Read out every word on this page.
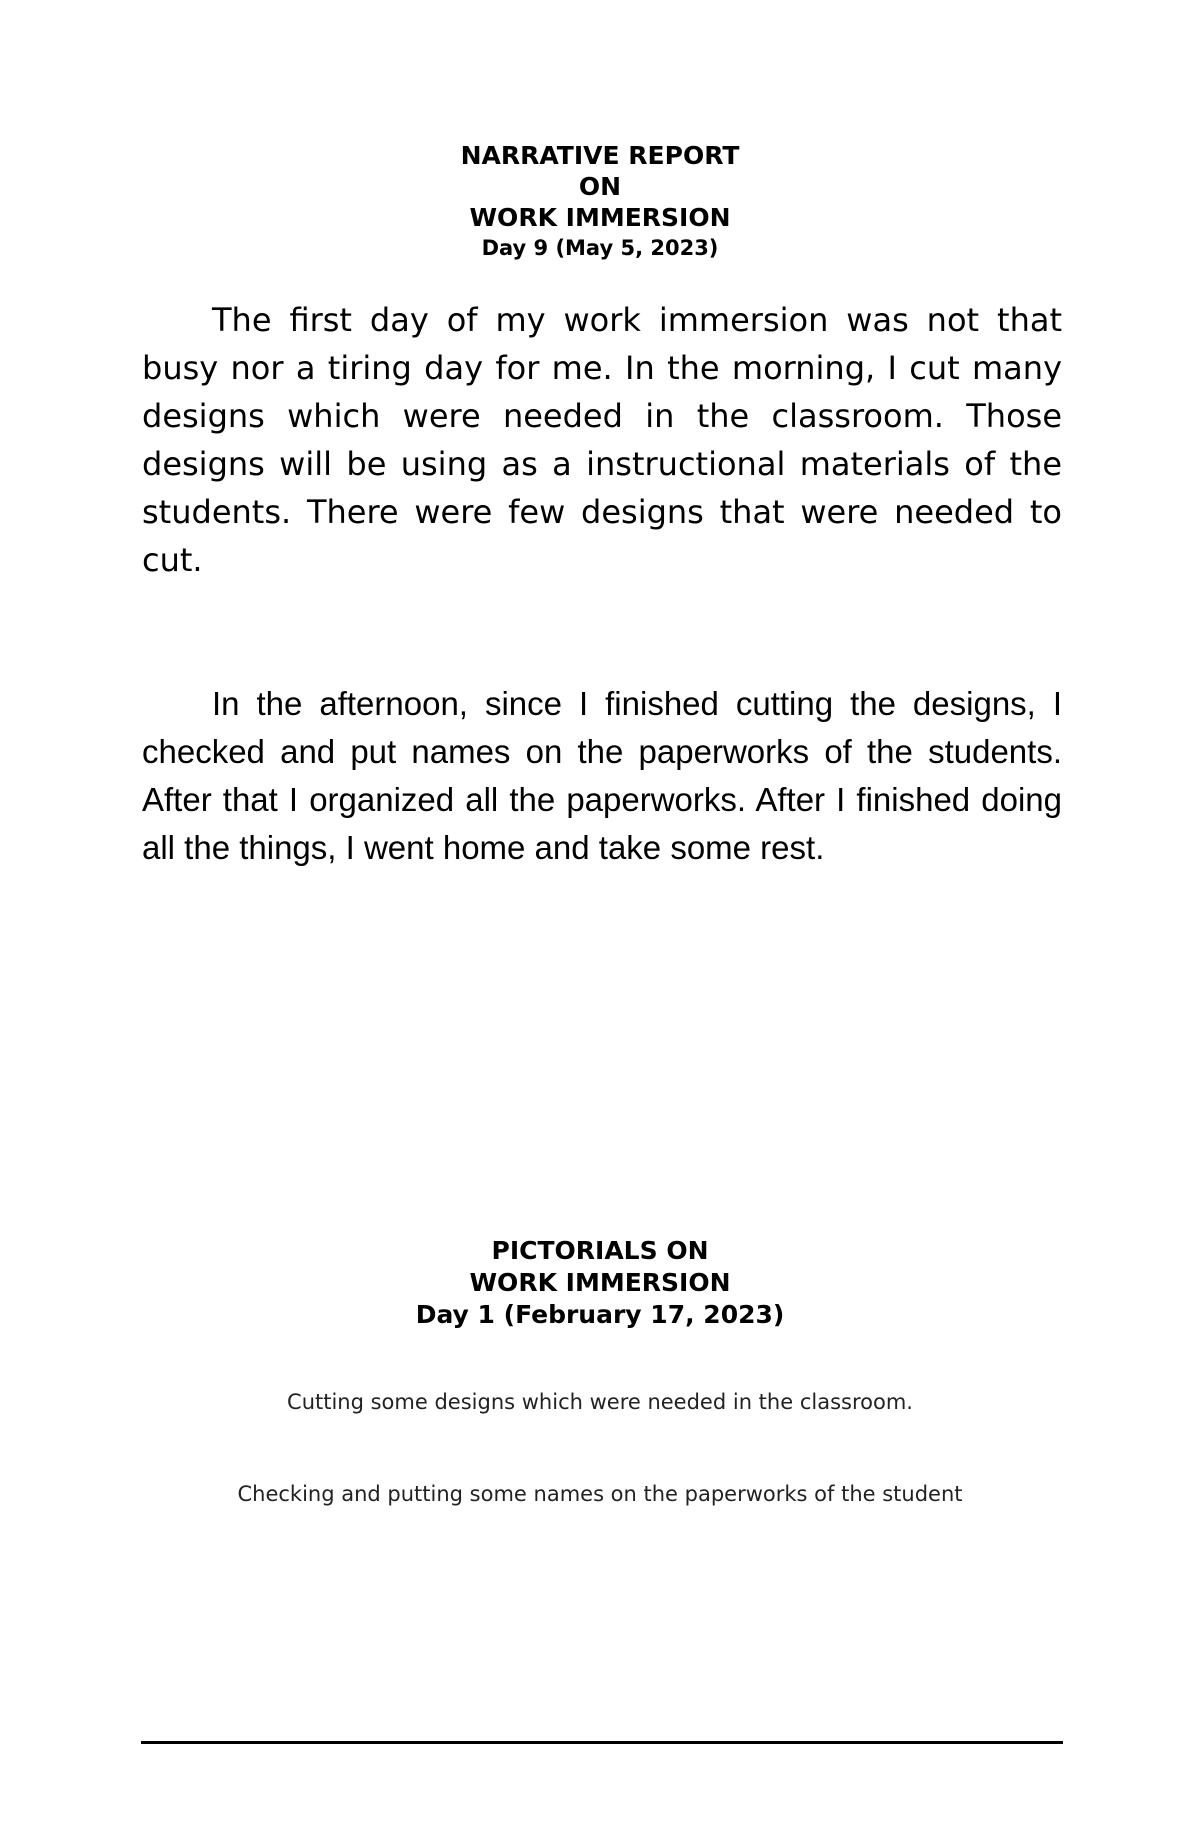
NARRATIVE REPORT
ON
WORK IMMERSION
Day 9 (May 5, 2023)

The first day of my work immersion was not that busy nor a tiring day for me. In the morning, I cut many designs which were needed in the classroom. Those designs will be using as a instructional materials of the students. There were few designs that were needed to cut.

In the afternoon, since I finished cutting the designs, I checked and put names on the paperworks of the students. After that I organized all the paperworks. After I finished doing all the things, I went home and take some rest.

PICTORIALS ON
WORK IMMERSION
Day 1 (February 17, 2023)
Cutting some designs which were needed in the classroom.
Checking and putting some names on the paperworks of the student
